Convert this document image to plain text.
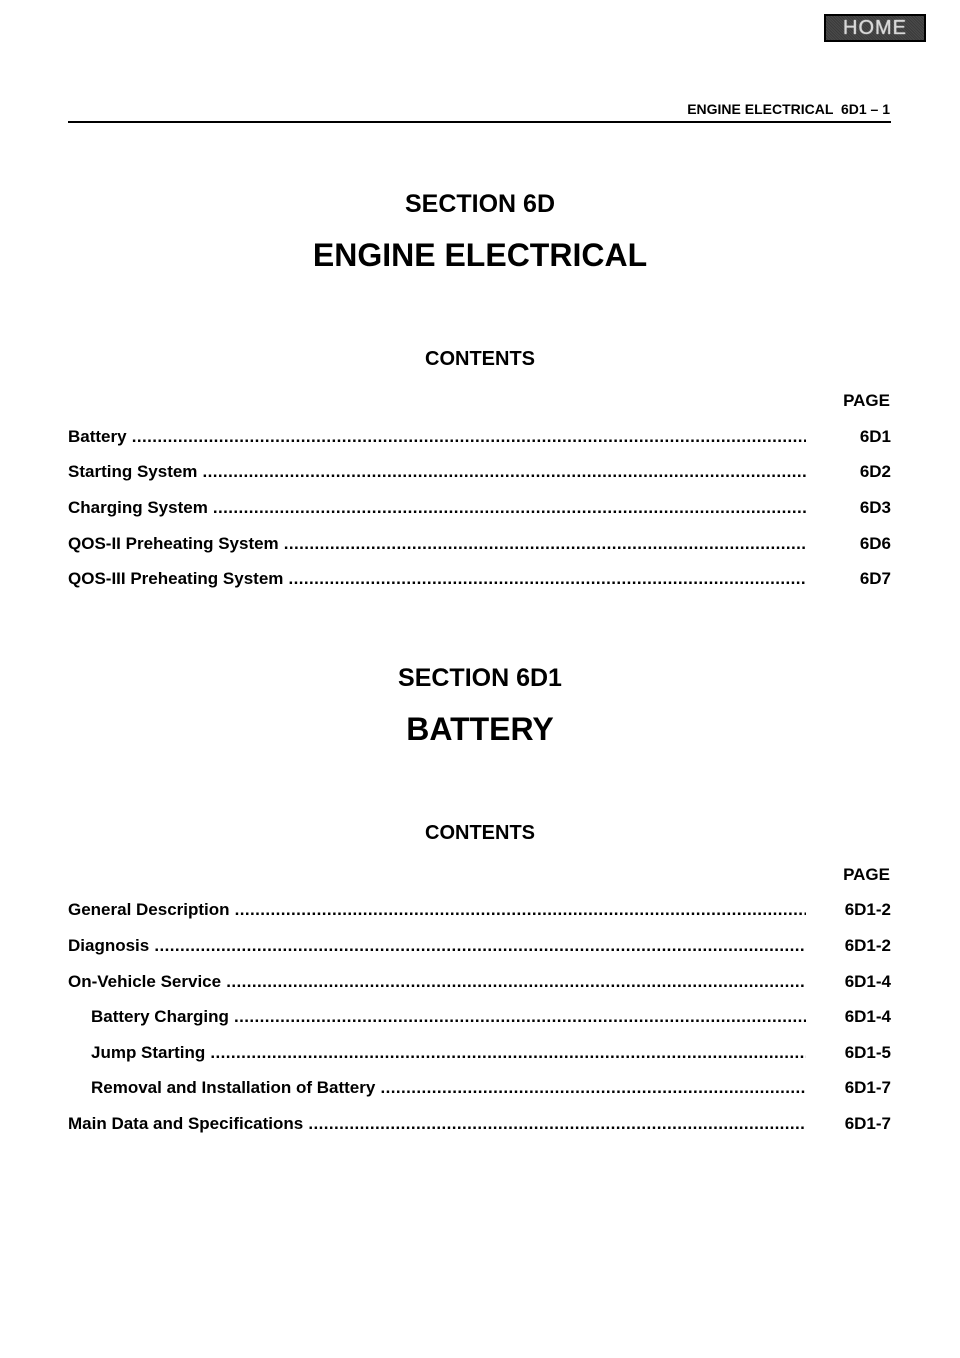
HOME
ENGINE ELECTRICAL  6D1 – 1
SECTION 6D
ENGINE ELECTRICAL
CONTENTS
PAGE
Battery .....	6D1
Starting System .....	6D2
Charging System .....	6D3
QOS-II Preheating System .....	6D6
QOS-III Preheating System .....	6D7
SECTION 6D1
BATTERY
CONTENTS
PAGE
General Description .....	6D1-2
Diagnosis .....	6D1-2
On-Vehicle Service .....	6D1-4
Battery Charging .....	6D1-4
Jump Starting .....	6D1-5
Removal and Installation of Battery .....	6D1-7
Main Data and Specifications .....	6D1-7
